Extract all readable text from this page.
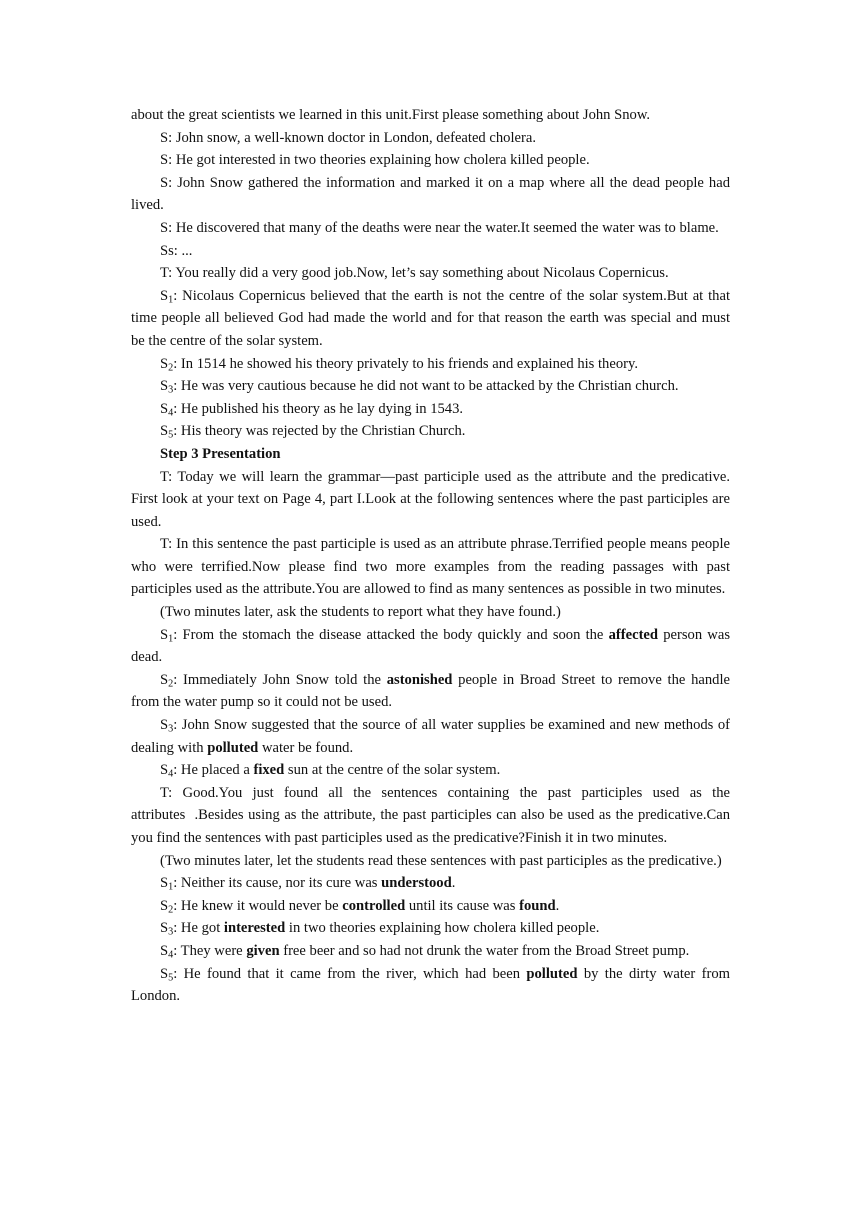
about the great scientists we learned in this unit.First please something about John Snow.

S: John snow, a well-known doctor in London, defeated cholera.

S: He got interested in two theories explaining how cholera killed people.

S: John Snow gathered the information and marked it on a map where all the dead people had lived.

S: He discovered that many of the deaths were near the water.It seemed the water was to blame.

Ss: ...

T: You really did a very good job.Now, let’s say something about Nicolaus Copernicus.

$S_1$: Nicolaus Copernicus believed that the earth is not the centre of the solar system.But at that time people all believed God had made the world and for that reason the earth was special and must be the centre of the solar system.

$S_2$: In 1514 he showed his theory privately to his friends and explained his theory.

$S_3$: He was very cautious because he did not want to be attacked by the Christian church.

$S_4$: He published his theory as he lay dying in 1543.

$S_5$: His theory was rejected by the Christian Church.

Step 3 Presentation

T: Today we will learn the grammar—past participle used as the attribute and the predicative. First look at your text on Page 4, part I.Look at the following sentences where the past participles are used.

T: In this sentence the past participle is used as an attribute phrase.Terrified people means people who were terrified.Now please find two more examples from the reading passages with past participles used as the attribute.You are allowed to find as many sentences as possible in two minutes.

(Two minutes later, ask the students to report what they have found.)

$S_1$: From the stomach the disease attacked the body quickly and soon the affected person was dead.

$S_2$: Immediately John Snow told the astonished people in Broad Street to remove the handle from the water pump so it could not be used.

$S_3$: John Snow suggested that the source of all water supplies be examined and new methods of dealing with polluted water be found.

$S_4$: He placed a fixed sun at the centre of the solar system.

T: Good.You just found all the sentences containing the past participles used as the attributes  .Besides using as the attribute, the past participles can also be used as the predicative.Can you find the sentences with past participles used as the predicative?Finish it in two minutes.

(Two minutes later, let the students read these sentences with past participles as the predicative.)

$S_1$: Neither its cause, nor its cure was understood.

$S_2$: He knew it would never be controlled until its cause was found.

$S_3$: He got interested in two theories explaining how cholera killed people.

$S_4$: They were given free beer and so had not drunk the water from the Broad Street pump.

$S_5$: He found that it came from the river, which had been polluted by the dirty water from London.
